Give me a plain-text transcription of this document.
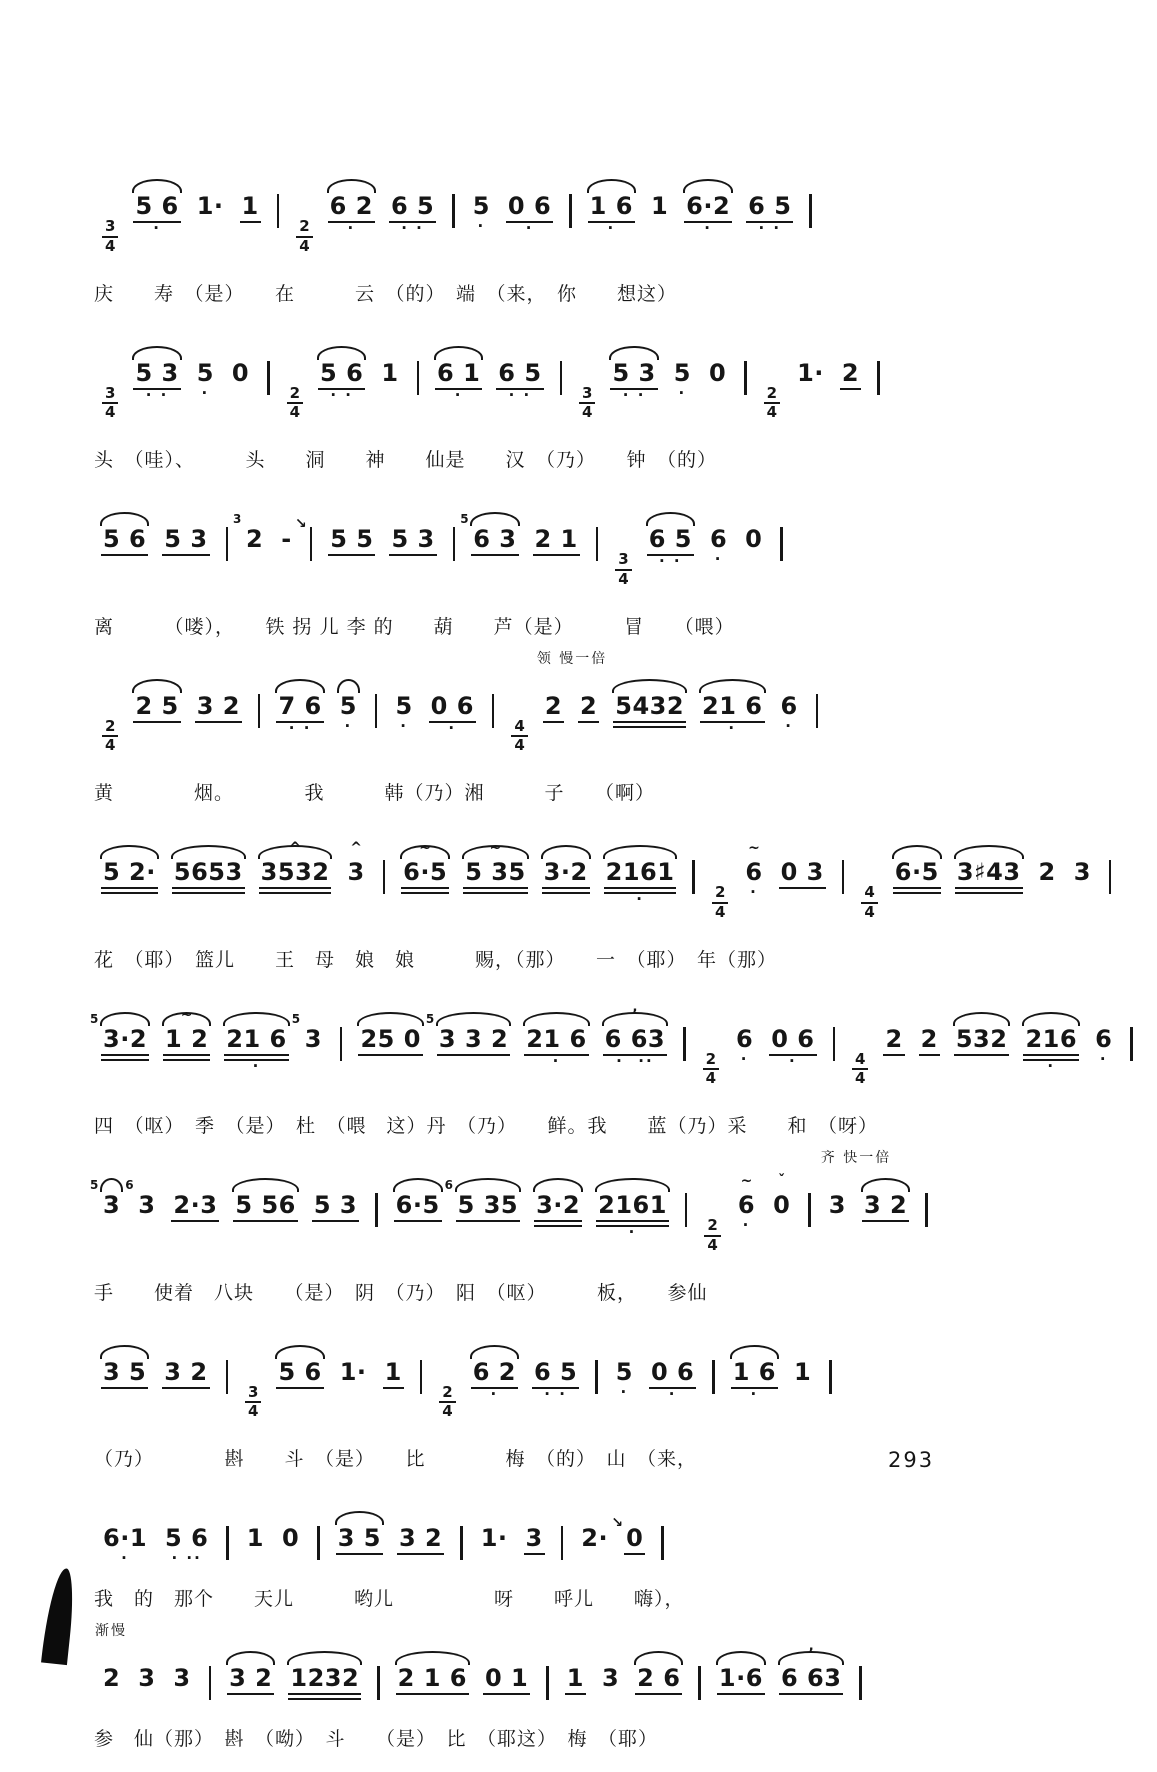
$\frac{3}{4}$
5 6
·
1· 1
$\frac{2}{4}$
6 2
·
6 5
· ·
5
·
0 6
·
1 6
·
1 6·2
·
6 5
· ·
庆　　寿　（是）　　在　　　云　（的）　端　（来，　你　　想这）
$\frac{3}{4}$
5 3
· ·
5
·
0
$\frac{2}{4}$
5 6
· ·
1 6 1
·
6 5
· ·	$\frac{3}{4}$
5 3
· ·
5
·
0
$\frac{2}{4}$
1· 2
头　（哇）、　　　头　　洞　　神　　仙是　　汉　（乃）　　钟　（的）
5 6 5 3
3
2 -
↘
5 5 5 3
5
6 3 2 1
$\frac{3}{4}$
6 5
· ·
6
·
0
离　　　（喽），　　铁 拐 儿 李 的　　葫　　芦（是）　　　冒　　（喂）
$\frac{2}{4}$
2 5 3 2 7 6
· ·
5
·
5
·
0 6
·	$\frac{4}{4}$
领 慢一倍
2 2 5432 21 6
·
6
·
黄　　　　烟。　　　　我　　　韩（乃）湘　　　子　　（啊）
5 2· 5653
^
3532
^
3
~
6·5
~
5 35 3·2 2161
·	$\frac{2}{4}$
~
6
·
0 3
$\frac{4}{4}$
6·5 3♯43 2 3
花　（耶）　篮儿　　王　母　娘　娘　　　赐，（那）　　一　（耶）　年（那）
5
3·2
~
1 2 21 6
·
5
3 25 0
5
3 3 2 21 6
·
’
6 63
·  ··	$\frac{2}{4}$
6
·
0 6
·	$\frac{4}{4}$
2 2 532 216
·
6
·
四　（呕）　季　（是）　杜　（喂　这）丹　（乃）　　鲜。我　　蓝（乃）采　　和　（呀）
5
3
6
3 2·3 5 56 5 3 6·5
6
5 35 3·2 2161
·	$\frac{2}{4}$
~
6
·
ˇ
0
齐 快一倍
3 3 2
手　　使着　八块　　（是）　阴　（乃）　阳　（呕）　　　板，　　参仙
3 5 3 2
$\frac{3}{4}$
5 6 1· 1
$\frac{2}{4}$
6 2
·
6 5
· ·
5
·
0 6
·
1 6
·
1
（乃）　　　　斟　　斗　（是）　　比　　　　梅　（的）　山　（来，
6·1
·
5 6
· ··
1 0 3 5 3 2 1· 3 2·
↘
0
我　的　那个　　天儿　　　哟儿　　　　　呀　　呼儿　　嗨），
渐慢
2 3 3 3 2 1232 2 1 6 0 1 1 3 2 6 1·6
’
6 63
参　仙（那）　斟　（呦）　斗　　（是）　比　（耶这）　梅　（耶）
293
